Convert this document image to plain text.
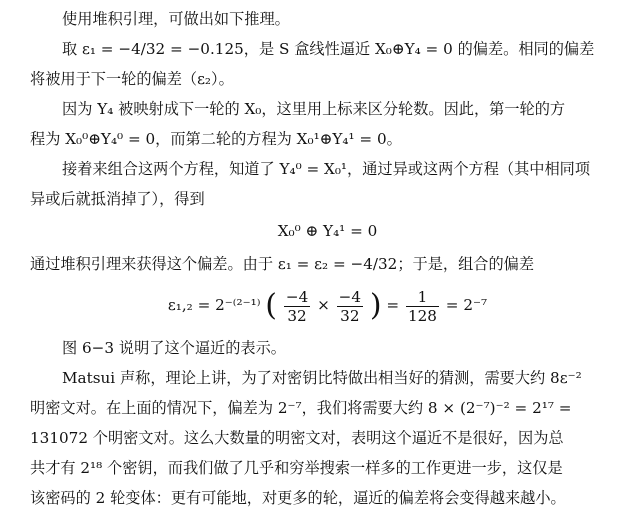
使用堆积引理，可做出如下推理。
取 ε₁ = −4/32 = −0.125，是 S 盒线性逼近 X₀⊕Y₄ = 0 的偏差。相同的偏差
将被用于下一轮的偏差（ε₂）。
因为 Y₄ 被映射成下一轮的 X₀，这里用上标来区分轮数。因此，第一轮的方
程为 X₀⁰⊕Y₄⁰ = 0，而第二轮的方程为 X₀¹⊕Y₄¹ = 0。
接着来组合这两个方程，知道了 Y₄⁰ = X₀¹，通过异或这两个方程（其中相同项
异或后就抵消掉了），得到
X₀⁰ ⊕ Y₄¹ = 0
通过堆积引理来获得这个偏差。由于 ε₁ = ε₂ = −4/32；于是，组合的偏差
ε₁,₂ = 2⁻⁽²⁻¹⁾ ( $\frac{-4}{32} \times \frac{-4}{32}$ ) = $\frac{1}{128} = 2^{-7}$
图 6−3 说明了这个逼近的表示。
Matsui 声称，理论上讲，为了对密钥比特做出相当好的猜测，需要大约 8ε⁻²
明密文对。在上面的情况下，偏差为 2⁻⁷，我们将需要大约 8 × (2⁻⁷)⁻² = 2¹⁷ =
131072 个明密文对。这么大数量的明密文对，表明这个逼近不是很好，因为总
共才有 2¹⁸ 个密钥，而我们做了几乎和穷举搜索一样多的工作更进一步，这仅是
该密码的 2 轮变体：更有可能地，对更多的轮，逼近的偏差将会变得越来越小。
